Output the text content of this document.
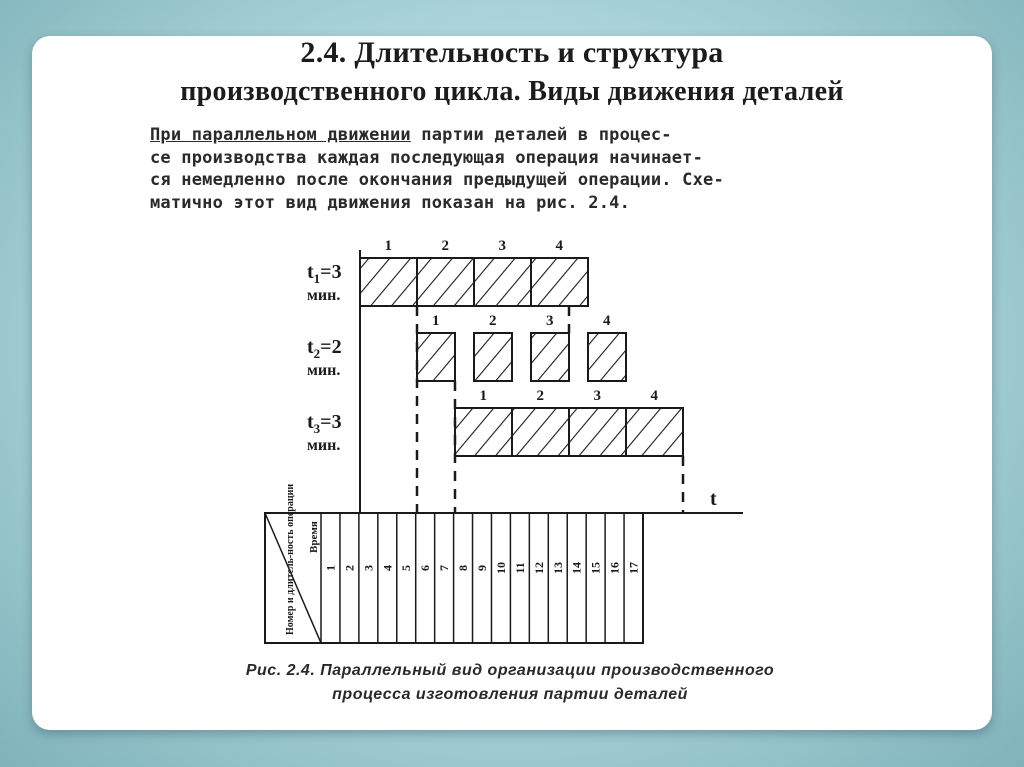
2.4. Длительность и структура
производственного цикла. Виды движения деталей
При параллельном движении партии деталей в процес-
се производства каждая последующая операция начинает-
ся немедленно после окончания предыдущей операции. Схе-
матично этот вид движения показан на рис. 2.4.
t
$t_1=3$
мин.
1	2	3	4
$t_2=2$
мин.
1	2	3	4
$t_3=3$
мин.
1	2	3	4
1 2 3 4 5 6 7 8 9 10 11 12 13 14 15 16 17
Номер и длитель-ность операции Время
Рис. 2.4. Параллельный вид организации производственного
процесса изготовления партии деталей
